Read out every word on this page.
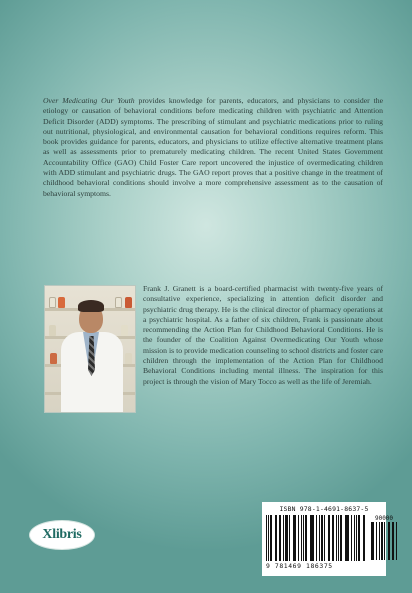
Over Medicating Our Youth provides knowledge for parents, educators, and physicians to consider the etiology or causation of behavioral conditions before medicating children with psychiatric and Attention Deficit Disorder (ADD) symptoms. The prescribing of stimulant and psychiatric medications prior to ruling out nutritional, physiological, and environmental causation for behavioral conditions requires reform. This book provides guidance for parents, educators, and physicians to utilize effective alternative treatment plans as well as assessments prior to prematurely medicating children. The recent United States Government Accountability Office (GAO) Child Foster Care report uncovered the injustice of overmedicating children with ADD stimulant and psychiatric drugs. The GAO report proves that a positive change in the treatment of childhood behavioral conditions should involve a more comprehensive assessment as to the causation of behavioral symptoms.

Frank J. Granett is a board-certified pharmacist with twenty-five years of consultative experience, specializing in attention deficit disorder and psychiatric drug therapy. He is the clinical director of pharmacy operations at a psychiatric hospital. As a father of six children, Frank is passionate about recommending the Action Plan for Childhood Behavioral Conditions. He is the founder of the Coalition Against Overmedicating Our Youth whose mission is to provide medication counseling to school districts and foster care children through the implementation of the Action Plan for Childhood Behavioral Conditions including mental illness. The inspiration for this project is through the vision of Mary Tocco as well as the life of Jeremiah.

Xlibris
ISBN 978-1-4691-8637-5
90000
9 781469 186375
